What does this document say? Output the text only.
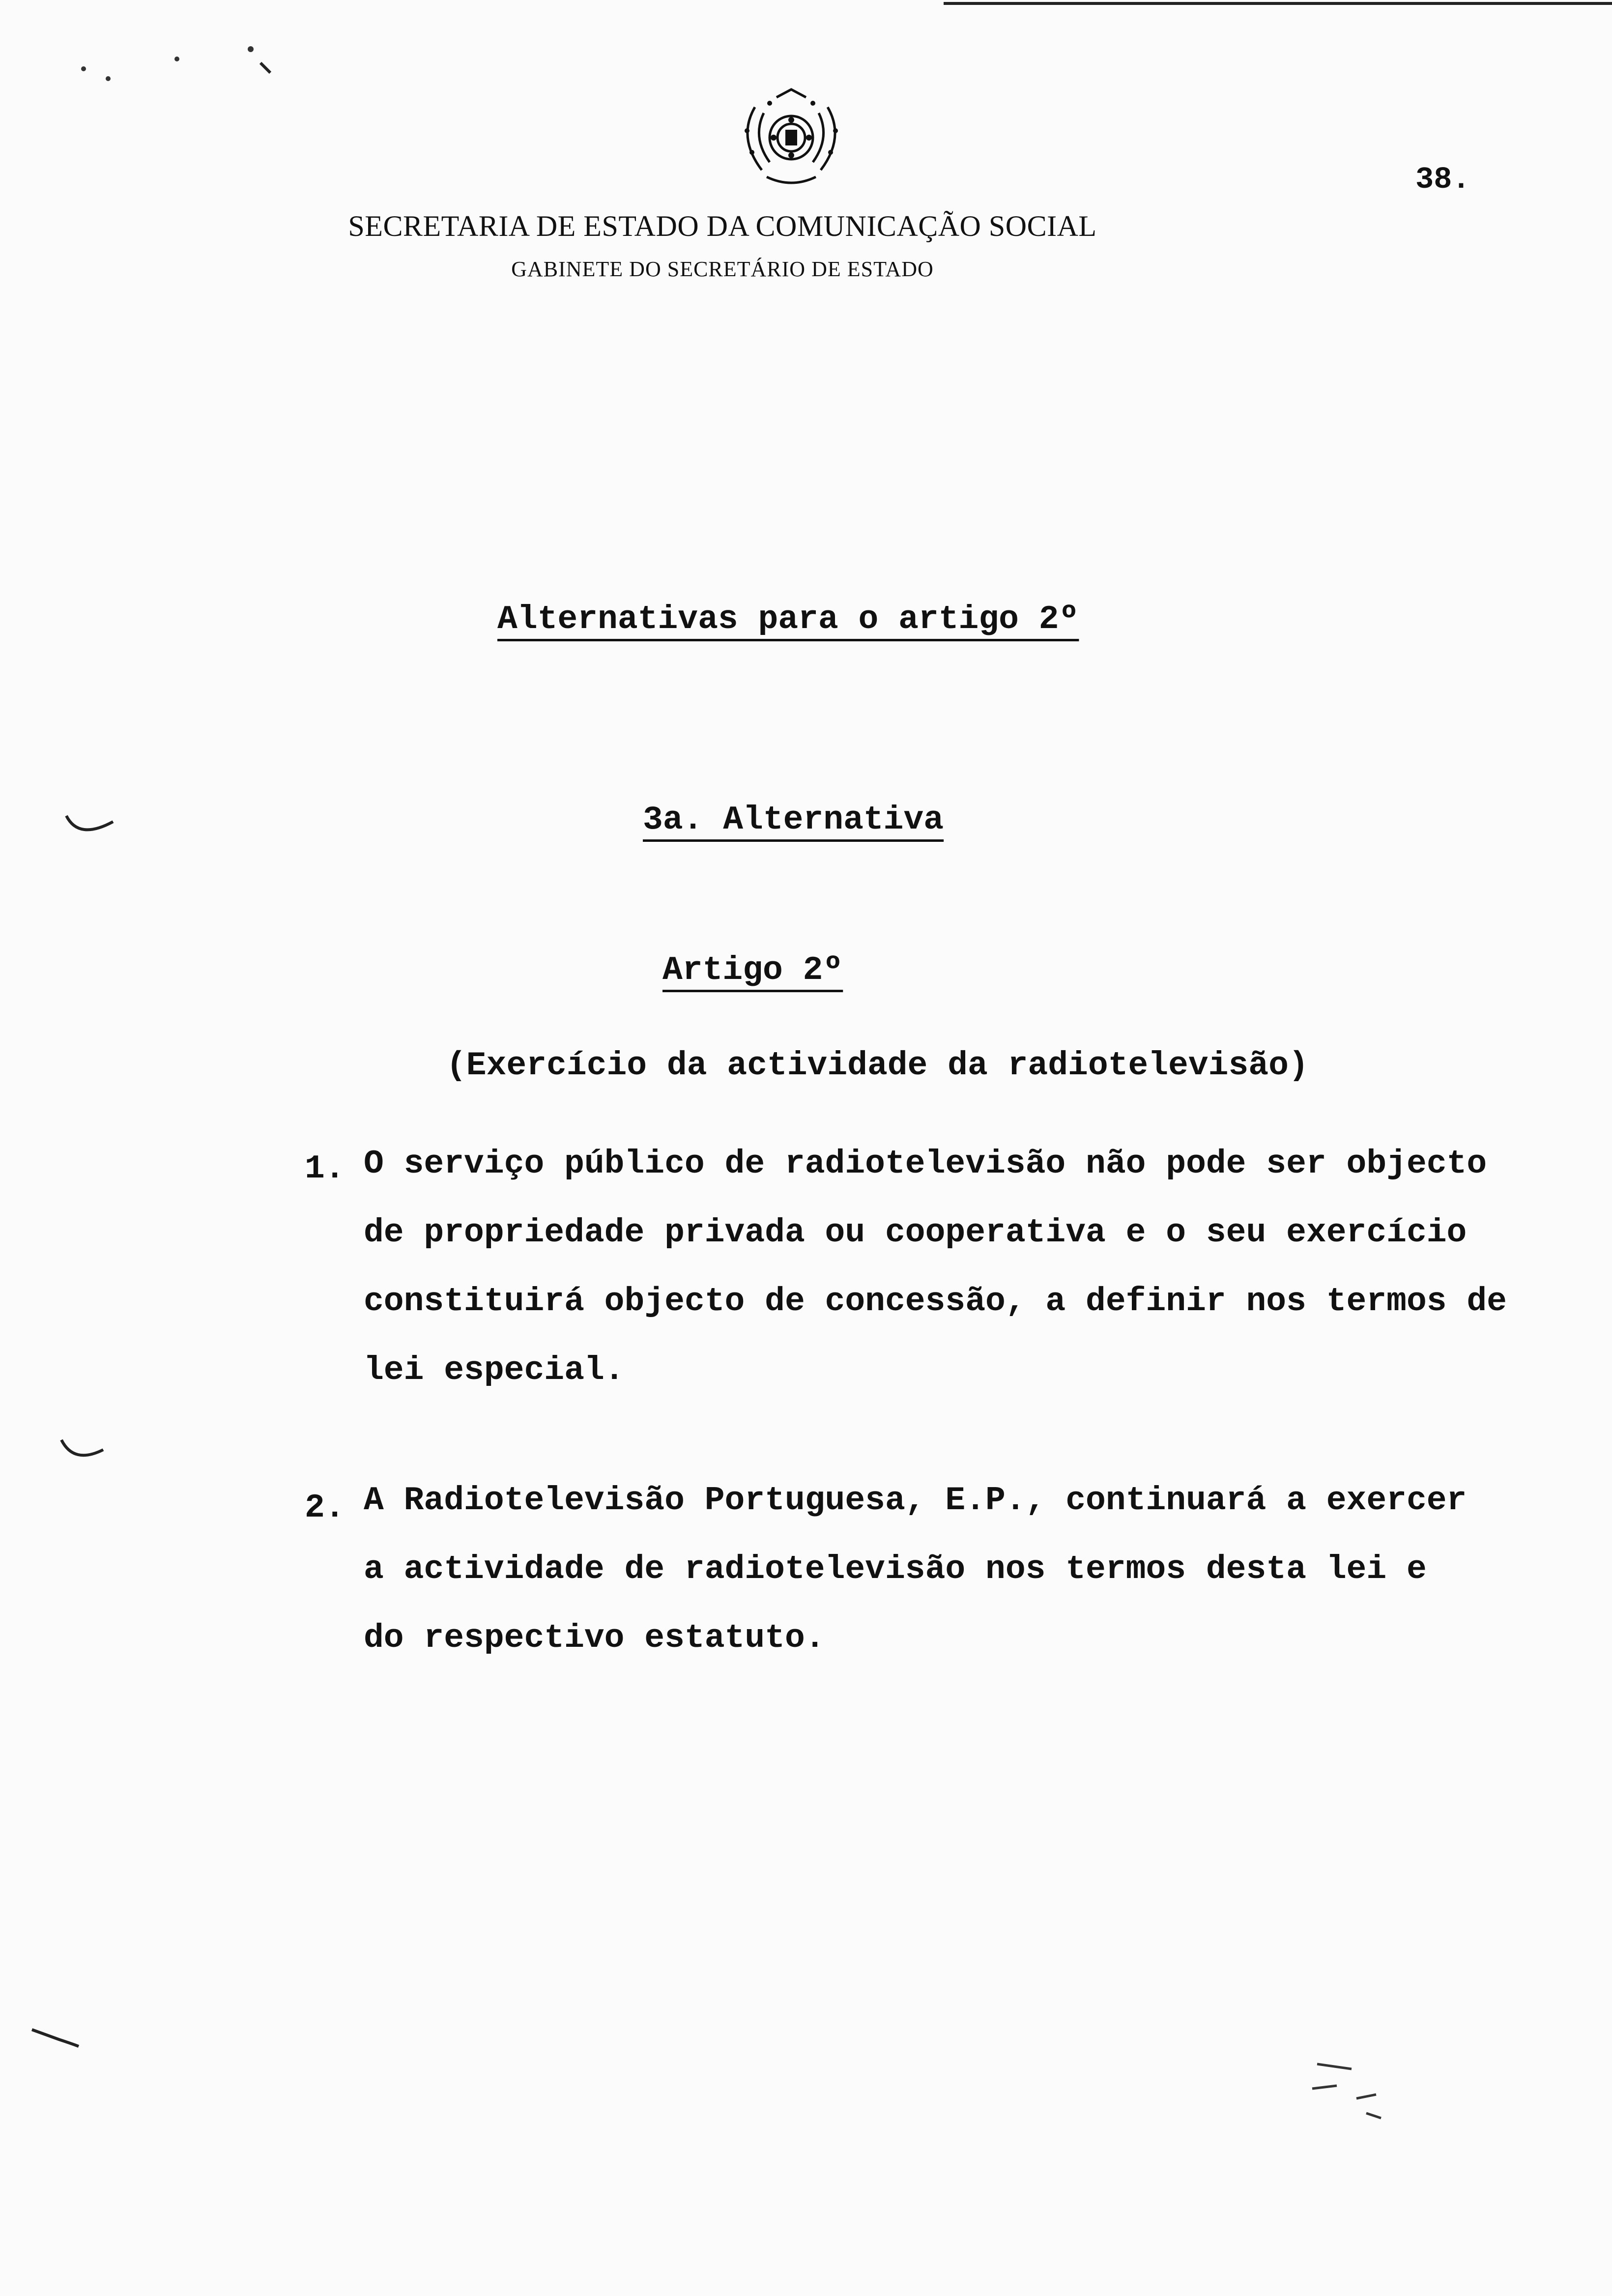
38.
SECRETARIA DE ESTADO DA COMUNICAÇÃO SOCIAL
GABINETE DO SECRETÁRIO DE ESTADO
Alternativas para o artigo 2º
3a. Alternativa
Artigo 2º
(Exercício da actividade da radiotelevisão)
1. O serviço público de radiotelevisão não pode ser objecto
de propriedade privada ou cooperativa e o seu exercício
constituirá objecto de concessão, a definir nos termos de
lei especial.
2. A Radiotelevisão Portuguesa, E.P., continuará a exercer
a actividade de radiotelevisão nos termos desta lei e
do respectivo estatuto.
